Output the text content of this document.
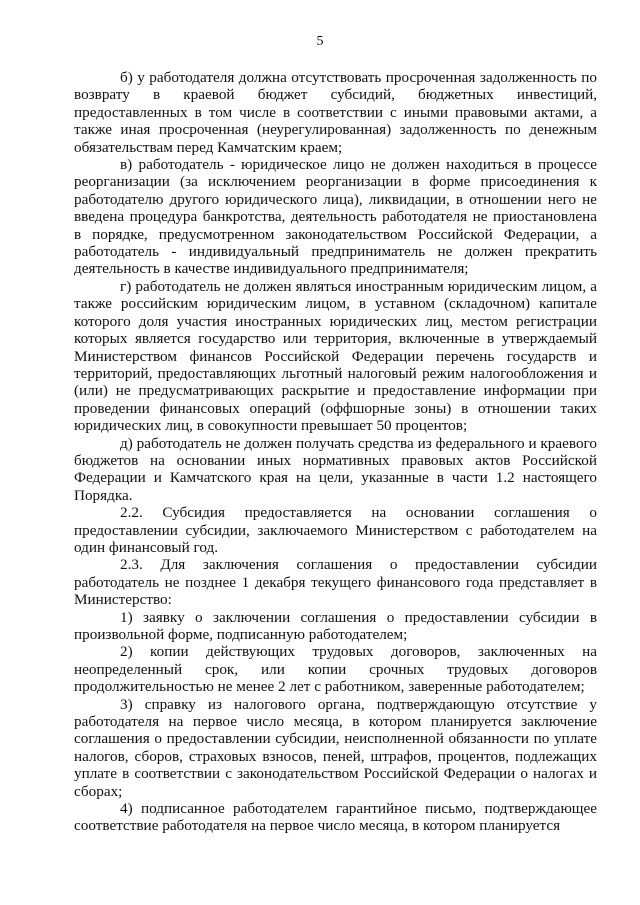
5

б) у работодателя должна отсутствовать просроченная задолженность по возврату в краевой бюджет субсидий, бюджетных инвестиций, предоставленных в том числе в соответствии с иными правовыми актами, а также иная просроченная (неурегулированная) задолженность по денежным обязательствам перед Камчатским краем;

в) работодатель - юридическое лицо не должен находиться в процессе реорганизации (за исключением реорганизации в форме присоединения к работодателю другого юридического лица), ликвидации, в отношении него не введена процедура банкротства, деятельность работодателя не приостановлена в порядке, предусмотренном законодательством Российской Федерации, а работодатель - индивидуальный предприниматель не должен прекратить деятельность в качестве индивидуального предпринимателя;

г) работодатель не должен являться иностранным юридическим лицом, а также российским юридическим лицом, в уставном (складочном) капитале которого доля участия иностранных юридических лиц, местом регистрации которых является государство или территория, включенные в утверждаемый Министерством финансов Российской Федерации перечень государств и территорий, предоставляющих льготный налоговый режим налогообложения и (или) не предусматривающих раскрытие и предоставление информации при проведении финансовых операций (оффшорные зоны) в отношении таких юридических лиц, в совокупности превышает 50 процентов;

д) работодатель не должен получать средства из федерального и краевого бюджетов на основании иных нормативных правовых актов Российской Федерации и Камчатского края на цели, указанные в части 1.2 настоящего Порядка.

2.2. Субсидия предоставляется на основании соглашения о предоставлении субсидии, заключаемого Министерством с работодателем на один финансовый год.

2.3. Для заключения соглашения о предоставлении субсидии работодатель не позднее 1 декабря текущего финансового года представляет в Министерство:

1) заявку о заключении соглашения о предоставлении субсидии в произвольной форме, подписанную работодателем;

2) копии действующих трудовых договоров, заключенных на неопределенный срок, или копии срочных трудовых договоров продолжительностью не менее 2 лет с работником, заверенные работодателем;

3) справку из налогового органа, подтверждающую отсутствие у работодателя на первое число месяца, в котором планируется заключение соглашения о предоставлении субсидии, неисполненной обязанности по уплате налогов, сборов, страховых взносов, пеней, штрафов, процентов, подлежащих уплате в соответствии с законодательством Российской Федерации о налогах и сборах;

4) подписанное работодателем гарантийное письмо, подтверждающее соответствие работодателя на первое число месяца, в котором планируется
